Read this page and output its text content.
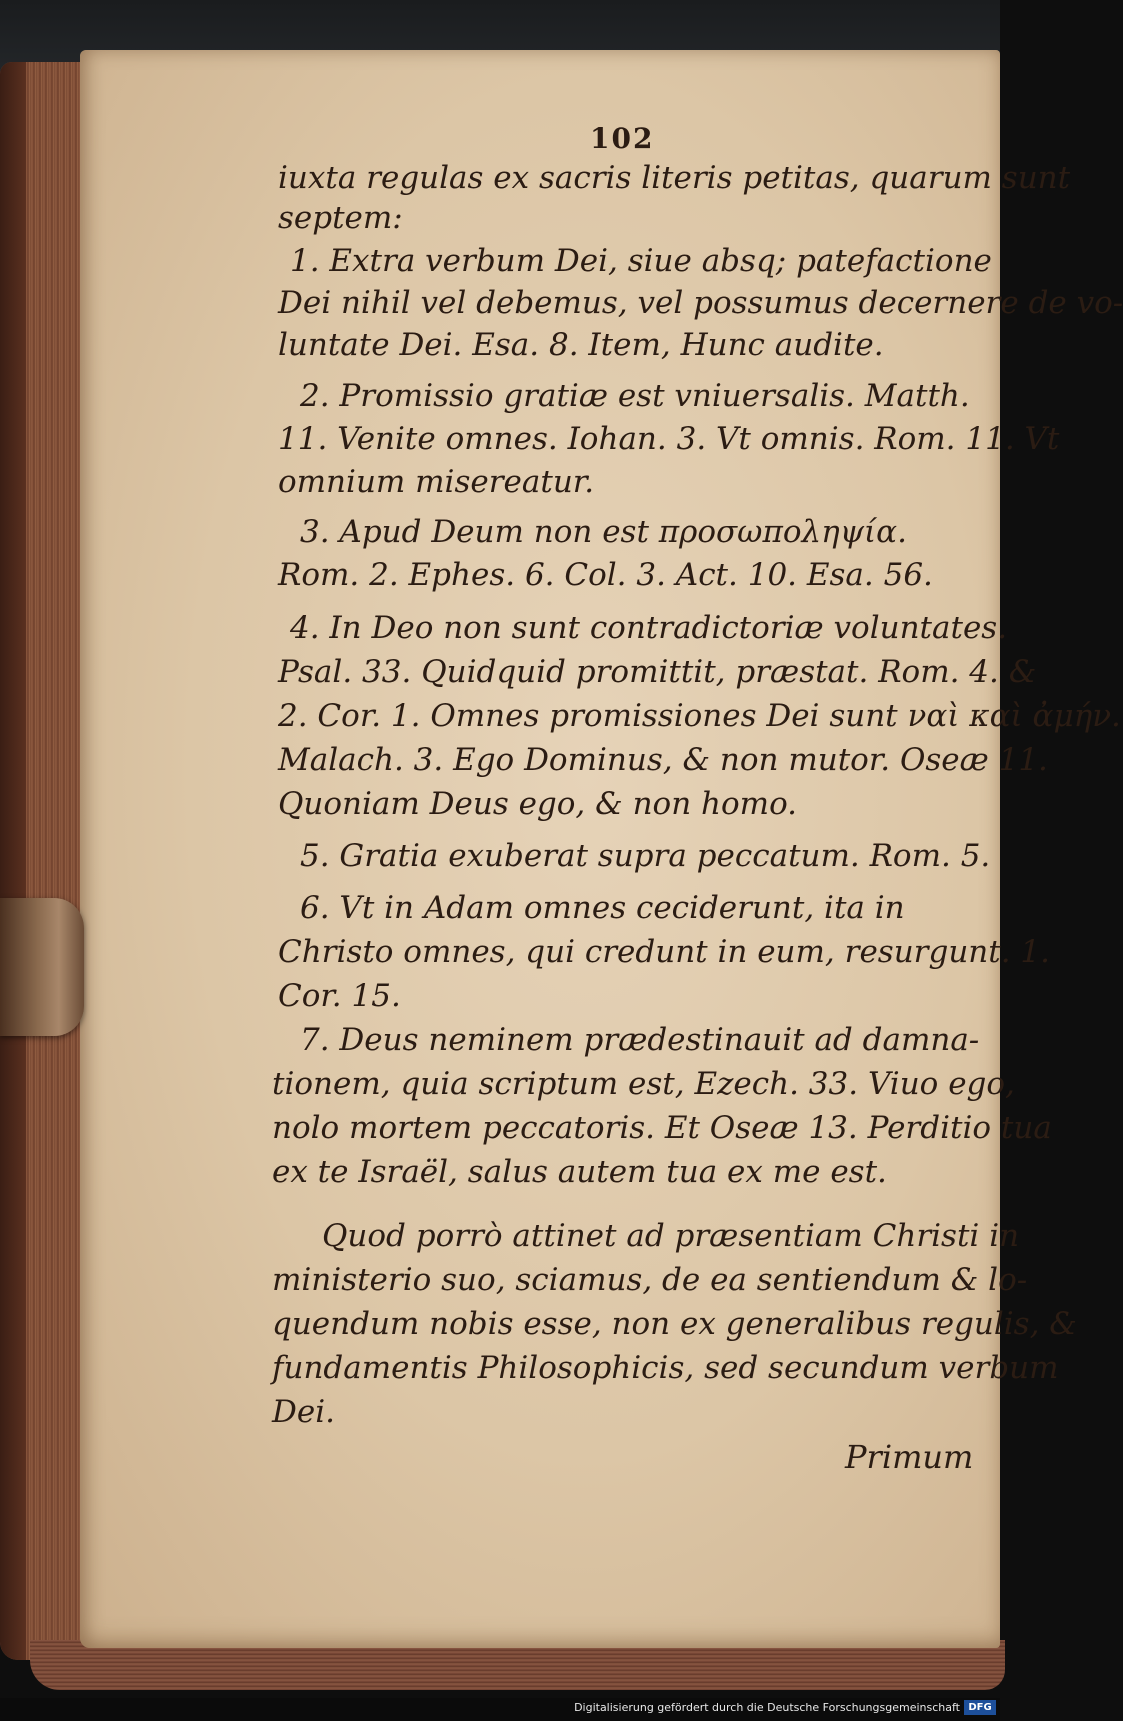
102
iuxta regulas ex sacris literis petitas, quarum sunt
septem:
1. Extra verbum Dei, siue absq; patefactione
Dei nihil vel debemus, vel possumus decernere de vo-
luntate Dei. Esa. 8. Item, Hunc audite.
2. Promissio gratiæ est vniuersalis. Matth.
11. Venite omnes. Iohan. 3. Vt omnis. Rom. 11. Vt
omnium misereatur.
3. Apud Deum non est προσωποληψία.
Rom. 2. Ephes. 6. Col. 3. Act. 10. Esa. 56.
4. In Deo non sunt contradictoriæ voluntates.
Psal. 33. Quidquid promittit, præstat. Rom. 4. &
2. Cor. 1. Omnes promissiones Dei sunt ναὶ καὶ ἀμήν.
Malach. 3. Ego Dominus, & non mutor. Oseæ 11.
Quoniam Deus ego, & non homo.
5. Gratia exuberat supra peccatum. Rom. 5.
6. Vt in Adam omnes ceciderunt, ita in
Christo omnes, qui credunt in eum, resurgunt. 1.
Cor. 15.
7. Deus neminem prædestinauit ad damna-
tionem, quia scriptum est, Ezech. 33. Viuo ego,
nolo mortem peccatoris. Et Oseæ 13. Perditio tua
ex te Israël, salus autem tua ex me est.
Quod porrò attinet ad præsentiam Christi in
ministerio suo, sciamus, de ea sentiendum & lo-
quendum nobis esse, non ex generalibus regulis, &
fundamentis Philosophicis, sed secundum verbum
Dei.
Primum
Digitalisierung gefördert durch die Deutsche Forschungsgemeinschaft DFG
